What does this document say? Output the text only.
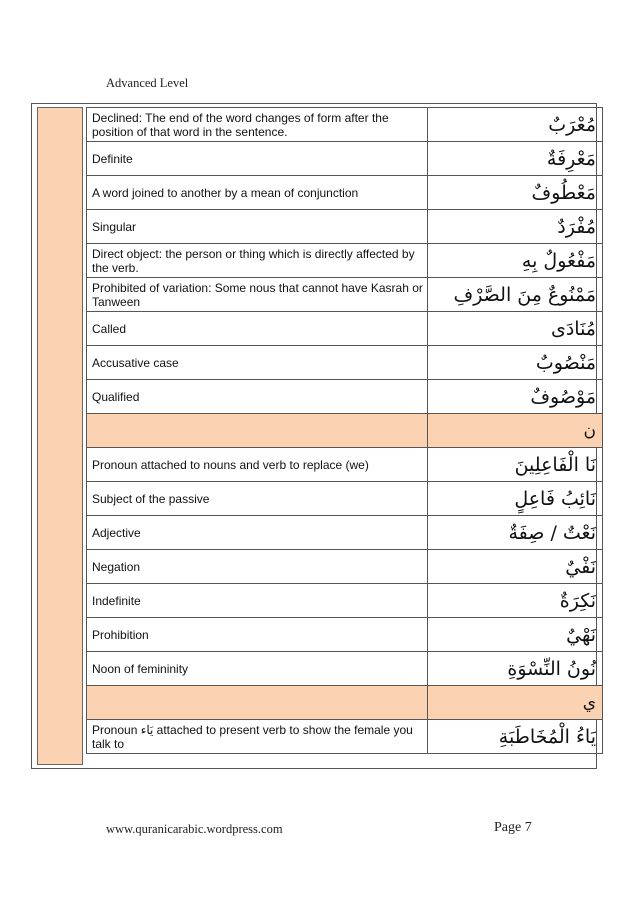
Advanced Level
Declined: The end of the word changes of form after the position of that word in the sentence.	مُعْرَبٌ
Definite	مَعْرِفَةٌ
A word joined to another by a mean of conjunction	مَعْطُوفٌ
Singular	مُفْرَدٌ
Direct object: the person or thing which is directly affected by the verb.	مَفْعُولٌ بِهِ
Prohibited of variation: Some nous that cannot have Kasrah or Tanween	مَمْنُوعٌ مِنَ الصَّرْفِ
Called	مُنَادَى
Accusative case	مَنْصُوبٌ
Qualified	مَوْصُوفٌ
	ن
Pronoun attached to nouns and verb to replace (we)	نَا الْفَاعِلِينَ
Subject of the passive	نَائِبُ فَاعِلٍ
Adjective	نَعْتٌ / صِفَةٌ
Negation	نَفْيٌ
Indefinite	نَكِرَةٌ
Prohibition	نَهْيٌ
Noon of femininity	نُونُ النِّسْوَةِ
	ي
Pronoun يَاء attached to present verb to show the female you talk to	يَاءُ الْمُخَاطَبَةِ
www.quranicarabic.wordpress.com	Page 7
